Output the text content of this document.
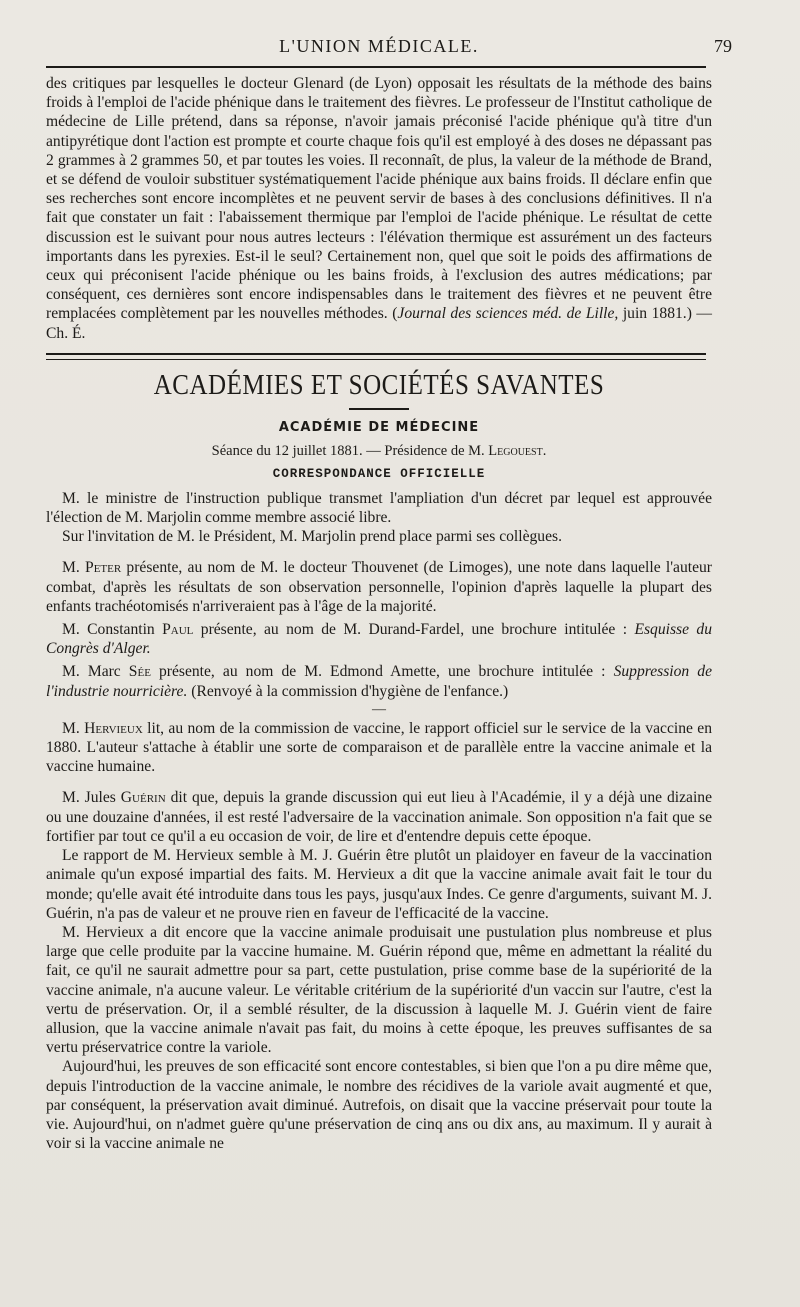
L'UNION MÉDICALE.	79

des critiques par lesquelles le docteur Glenard (de Lyon) opposait les résultats de la méthode des bains froids à l'emploi de l'acide phénique dans le traitement des fièvres. Le professeur de l'Institut catholique de médecine de Lille prétend, dans sa réponse, n'avoir jamais préconisé l'acide phénique qu'à titre d'un antipyrétique dont l'action est prompte et courte chaque fois qu'il est employé à des doses ne dépassant pas 2 grammes à 2 grammes 50, et par toutes les voies. Il reconnaît, de plus, la valeur de la méthode de Brand, et se défend de vouloir substituer systématiquement l'acide phénique aux bains froids. Il déclare enfin que ses recherches sont encore incomplètes et ne peuvent servir de bases à des conclusions définitives. Il n'a fait que constater un fait : l'abaissement thermique par l'emploi de l'acide phénique. Le résultat de cette discussion est le suivant pour nous autres lecteurs : l'élévation thermique est assurément un des facteurs importants dans les pyrexies. Est-il le seul? Certainement non, quel que soit le poids des affirmations de ceux qui préconisent l'acide phénique ou les bains froids, à l'exclusion des autres médications; par conséquent, ces dernières sont encore indispensables dans le traitement des fièvres et ne peuvent être remplacées complètement par les nouvelles méthodes. (Journal des sciences méd. de Lille, juin 1881.) — Ch. É.

ACADÉMIES ET SOCIÉTÉS SAVANTES
ACADÉMIE DE MÉDECINE
Séance du 12 juillet 1881. — Présidence de M. Legouest.
CORRESPONDANCE OFFICIELLE

M. le ministre de l'instruction publique transmet l'ampliation d'un décret par lequel est approuvée l'élection de M. Marjolin comme membre associé libre.

Sur l'invitation de M. le Président, M. Marjolin prend place parmi ses collègues.

M. Peter présente, au nom de M. le docteur Thouvenet (de Limoges), une note dans laquelle l'auteur combat, d'après les résultats de son observation personnelle, l'opinion d'après laquelle la plupart des enfants trachéotomisés n'arriveraient pas à l'âge de la majorité.

M. Constantin Paul présente, au nom de M. Durand-Fardel, une brochure intitulée : Esquisse du Congrès d'Alger.

M. Marc Sée présente, au nom de M. Edmond Amette, une brochure intitulée : Suppression de l'industrie nourricière. (Renvoyé à la commission d'hygiène de l'enfance.)

—

M. Hervieux lit, au nom de la commission de vaccine, le rapport officiel sur le service de la vaccine en 1880. L'auteur s'attache à établir une sorte de comparaison et de parallèle entre la vaccine animale et la vaccine humaine.

M. Jules Guérin dit que, depuis la grande discussion qui eut lieu à l'Académie, il y a déjà une dizaine ou une douzaine d'années, il est resté l'adversaire de la vaccination animale. Son opposition n'a fait que se fortifier par tout ce qu'il a eu occasion de voir, de lire et d'entendre depuis cette époque.

Le rapport de M. Hervieux semble à M. J. Guérin être plutôt un plaidoyer en faveur de la vaccination animale qu'un exposé impartial des faits. M. Hervieux a dit que la vaccine animale avait fait le tour du monde; qu'elle avait été introduite dans tous les pays, jusqu'aux Indes. Ce genre d'arguments, suivant M. J. Guérin, n'a pas de valeur et ne prouve rien en faveur de l'efficacité de la vaccine.

M. Hervieux a dit encore que la vaccine animale produisait une pustulation plus nombreuse et plus large que celle produite par la vaccine humaine. M. Guérin répond que, même en admettant la réalité du fait, ce qu'il ne saurait admettre pour sa part, cette pustulation, prise comme base de la supériorité de la vaccine animale, n'a aucune valeur. Le véritable critérium de la supériorité d'un vaccin sur l'autre, c'est la vertu de préservation. Or, il a semblé résulter, de la discussion à laquelle M. J. Guérin vient de faire allusion, que la vaccine animale n'avait pas fait, du moins à cette époque, les preuves suffisantes de sa vertu préservatrice contre la variole.

Aujourd'hui, les preuves de son efficacité sont encore contestables, si bien que l'on a pu dire même que, depuis l'introduction de la vaccine animale, le nombre des récidives de la variole avait augmenté et que, par conséquent, la préservation avait diminué. Autrefois, on disait que la vaccine préservait pour toute la vie. Aujourd'hui, on n'admet guère qu'une préservation de cinq ans ou dix ans, au maximum. Il y aurait à voir si la vaccine animale ne
